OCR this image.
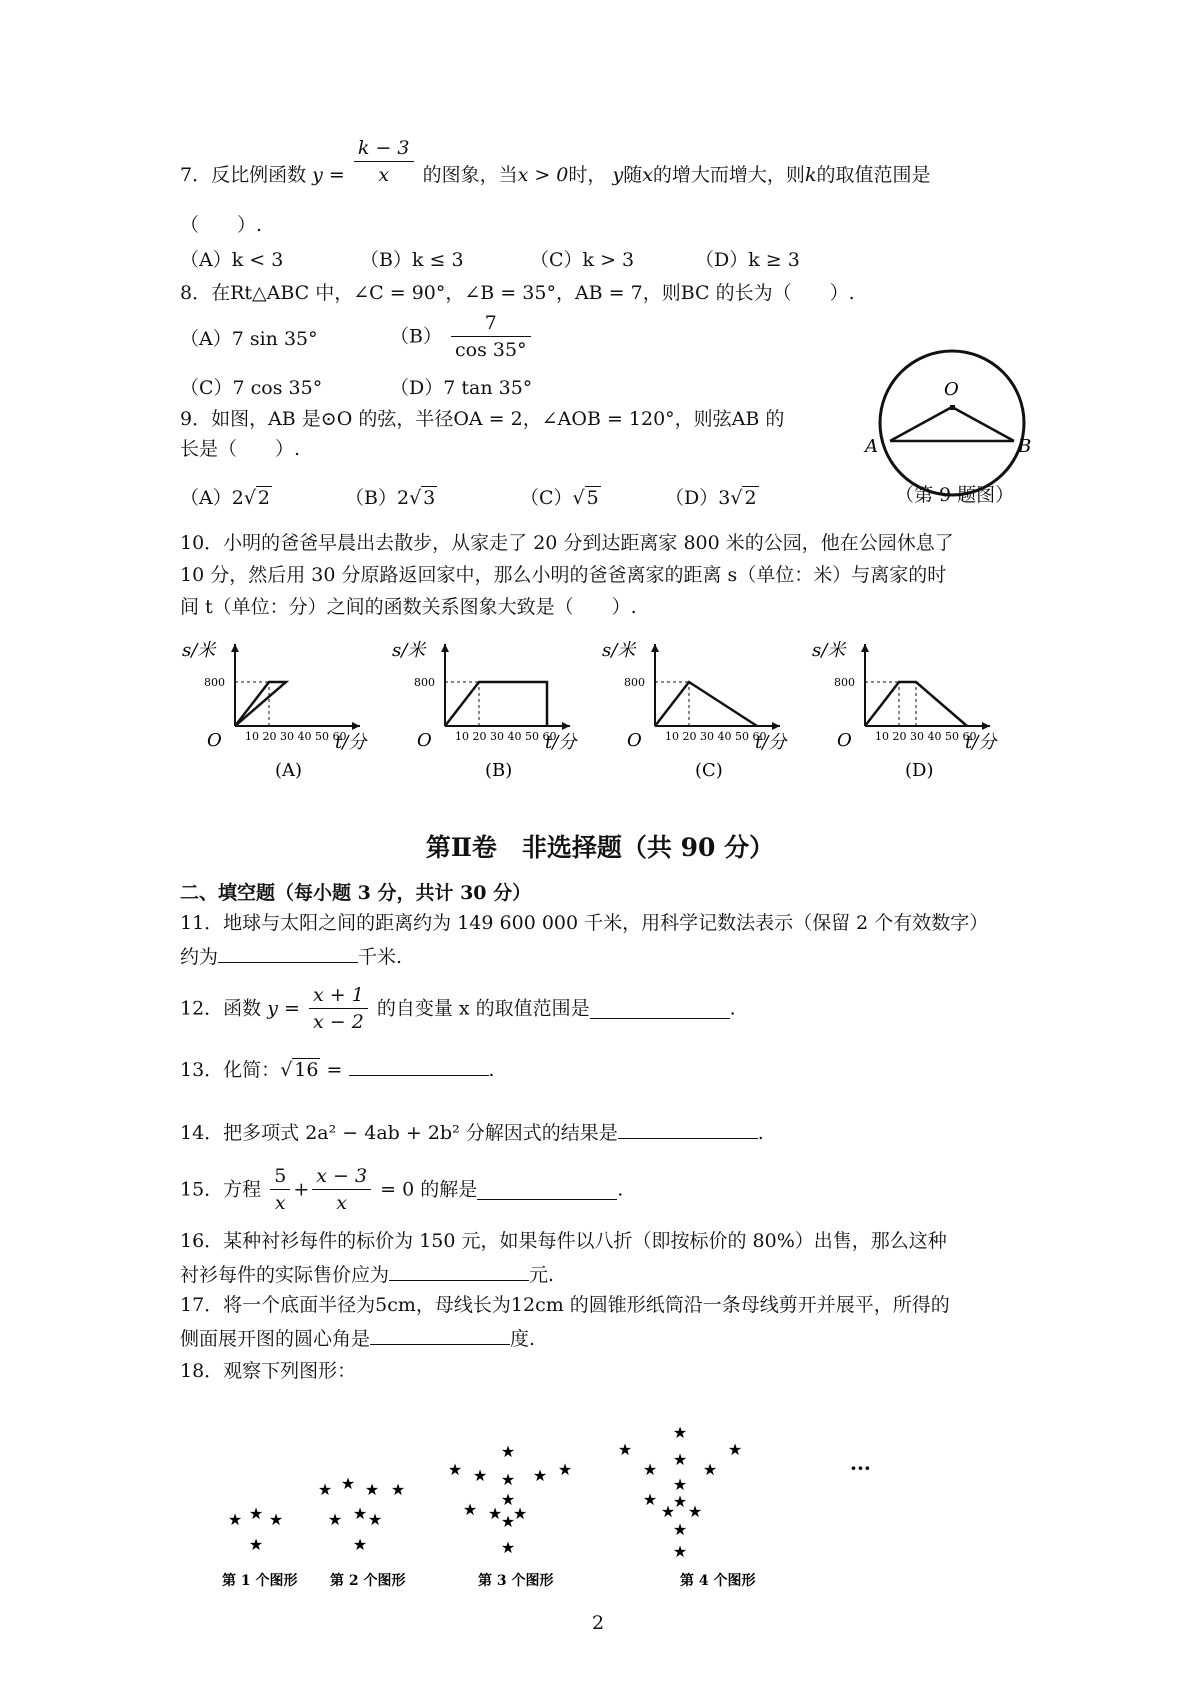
7．反比例函数 $y = \frac{k - 3}{x}$ 的图象，当x > 0时， y随x的增大而增大，则k的取值范围是
（　　）.
（A）k < 3	（B）k ≤ 3	（C）k > 3	（D）k ≥ 3
8．在Rt△ABC 中，∠C = 90°，∠B = 35°，AB = 7，则BC 的长为（　　）.
（A）7 sin 35°	$(B) \frac{7}{\cos 35^\circ}$
（C）7 cos 35°	（D）7 tan 35°
9．如图，AB 是⊙O 的弦，半径OA = 2，∠AOB = 120°，则弦AB 的
长是（　　）.
（A）2√ 2	（B）2√ 3	（C）√ 5	（D）3√ 2
O
A	B
（第 9 题图）
10．小明的爸爸早晨出去散步，从家走了 20 分到达距离家 800 米的公园，他在公园休息了
10 分，然后用 30 分原路返回家中，那么小明的爸爸离家的距离 s（单位：米）与离家的时
间 t（单位：分）之间的函数关系图象大致是（　　）.
s/米
800
10 20 30 40 50 60
O	t/分
(A)
s/米
800
10 20 30 40 50 60
O	t/分
(B)
s/米
800
10 20 30 40 50 60
O	t/分
(C)
s/米
800
10 20 30 40 50 60
O	t/分
(D)
第Ⅱ卷　非选择题（共 90 分）
二、填空题（每小题 3 分，共计 30 分）
11．地球与太阳之间的距离约为 149 600 000 千米，用科学记数法表示（保留 2 个有效数字）
约为	千米.
12．函数 $y = \frac{x + 1}{x - 2}$ 的自变量 x 的取值范围是	.
13．化简：√ 16 =	.
14．把多项式 2a² − 4ab + 2b² 分解因式的结果是	.
15．方程 $\frac{5}{x} + \frac{x - 3}{x} = 0$ 的解是	.
16．某种衬衫每件的标价为 150 元，如果每件以八折（即按标价的 80%）出售，那么这种
衬衫每件的实际售价应为	元.
17．将一个底面半径为5cm，母线长为12cm 的圆锥形纸筒沿一条母线剪开并展平，所得的
侧面展开图的圆心角是	度.
18．观察下列图形：
★ ★ ★
★
第 1 个图形
★ ★ ★ ★
★ ★ ★
★
第 2 个图形
★ ★
★
★
★
★ ★
★ ★
★
★
★
第 3 个图形
★
★
★
★
★
★
★
★
★
★
★
★
★
第 4 个图形
···
2
